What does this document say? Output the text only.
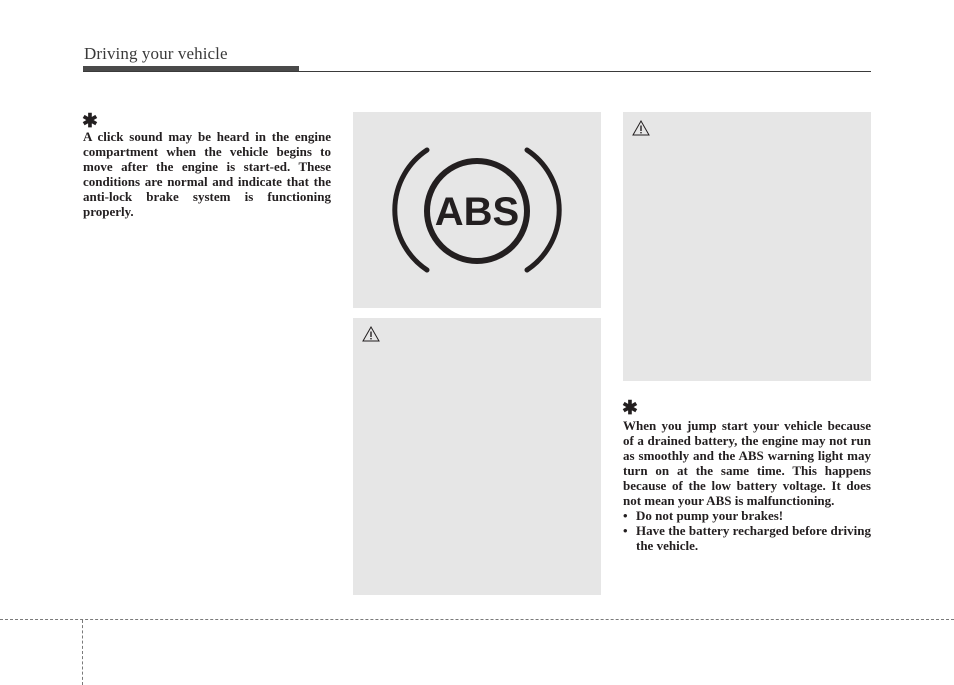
Driving your vehicle
✱

A click sound may be heard in the engine compartment when the vehicle begins to move after the engine is start-ed. These conditions are normal and indicate that the anti-lock brake system is functioning properly.	ABS
✱

When you jump start your vehicle because of a drained battery, the engine may not run as smoothly and the ABS warning light may turn on at the same time. This happens because of the low battery voltage. It does not mean your ABS is malfunctioning.

• Do not pump your brakes!
• Have the battery recharged before driving the vehicle.
